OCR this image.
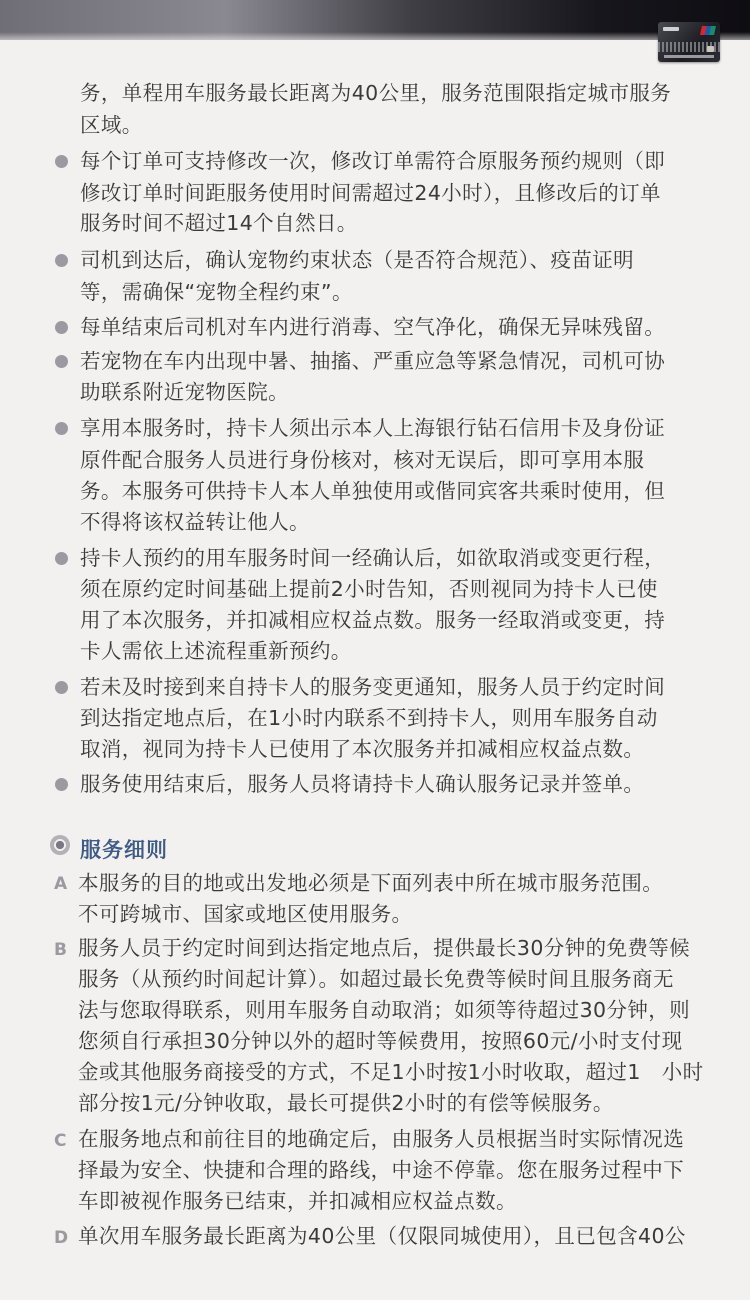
务，单程用车服务最长距离为40公里，服务范围限指定城市服务
区域。
每个订单可支持修改一次，修改订单需符合原服务预约规则（即
修改订单时间距服务使用时间需超过24小时），且修改后的订单
服务时间不超过14个自然日。
司机到达后，确认宠物约束状态（是否符合规范）、疫苗证明
等，需确保“宠物全程约束”。
每单结束后司机对车内进行消毒、空气净化，确保无异味残留。
若宠物在车内出现中暑、抽搐、严重应急等紧急情况，司机可协
助联系附近宠物医院。
享用本服务时，持卡人须出示本人上海银行钻石信用卡及身份证
原件配合服务人员进行身份核对，核对无误后，即可享用本服
务。本服务可供持卡人本人单独使用或偕同宾客共乘时使用，但
不得将该权益转让他人。
持卡人预约的用车服务时间一经确认后，如欲取消或变更行程，
须在原约定时间基础上提前2小时告知，否则视同为持卡人已使
用了本次服务，并扣减相应权益点数。服务一经取消或变更，持
卡人需依上述流程重新预约。
若未及时接到来自持卡人的服务变更通知，服务人员于约定时间
到达指定地点后，在1小时内联系不到持卡人，则用车服务自动
取消，视同为持卡人已使用了本次服务并扣减相应权益点数。
服务使用结束后，服务人员将请持卡人确认服务记录并签单。
服务细则
A 本服务的目的地或出发地必须是下面列表中所在城市服务范围。
不可跨城市、国家或地区使用服务。
B 服务人员于约定时间到达指定地点后，提供最长30分钟的免费等候
服务（从预约时间起计算）。如超过最长免费等候时间且服务商无
法与您取得联系，则用车服务自动取消；如须等待超过30分钟，则
您须自行承担30分钟以外的超时等候费用，按照60元/小时支付现
金或其他服务商接受的方式，不足1小时按1小时收取，超过1　小时
部分按1元/分钟收取，最长可提供2小时的有偿等候服务。
C 在服务地点和前往目的地确定后，由服务人员根据当时实际情况选
择最为安全、快捷和合理的路线，中途不停靠。您在服务过程中下
车即被视作服务已结束，并扣减相应权益点数。
D 单次用车服务最长距离为40公里（仅限同城使用），且已包含40公
